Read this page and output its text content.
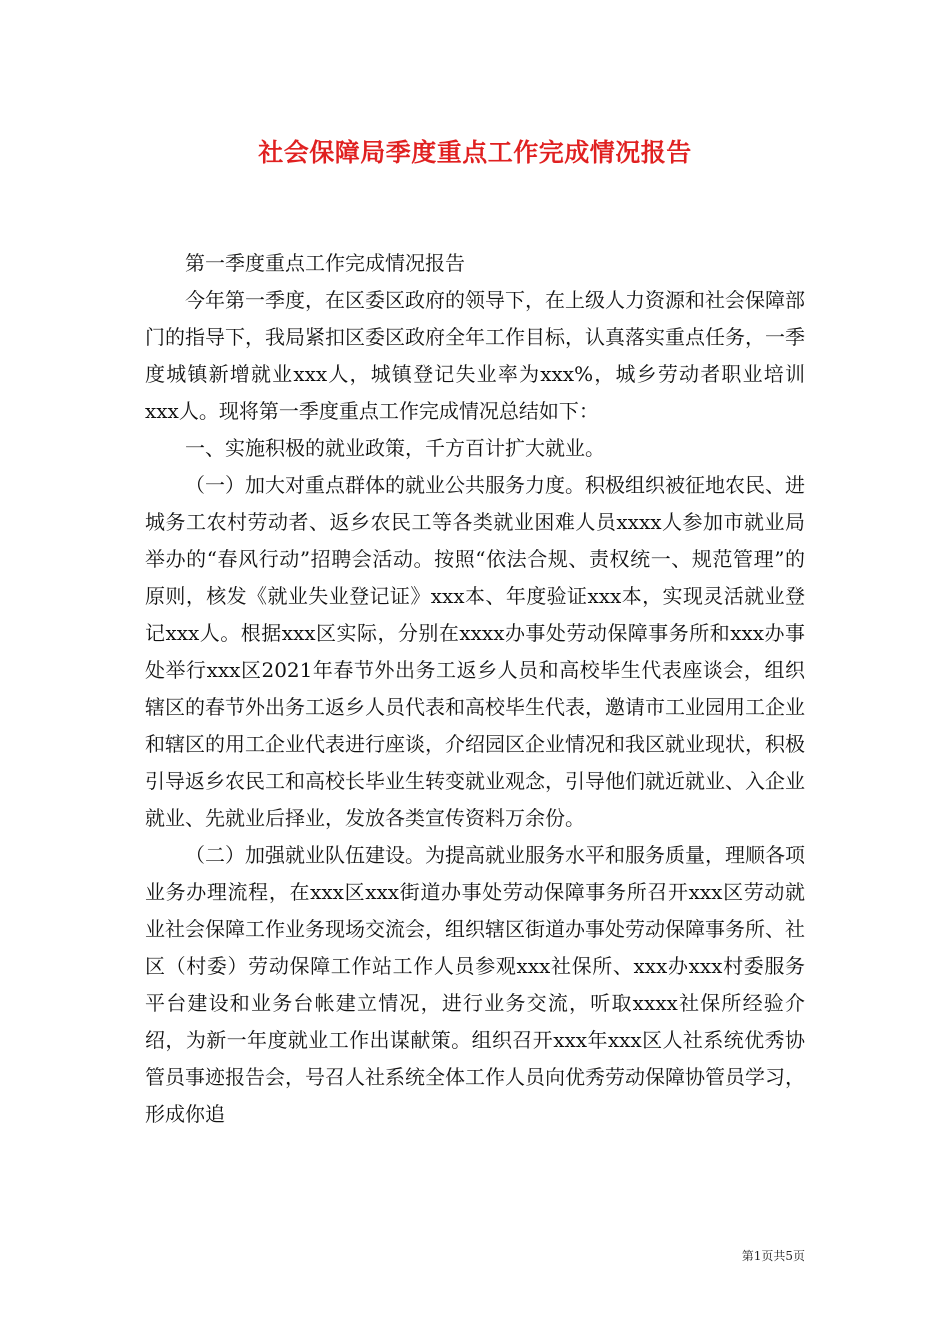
社会保障局季度重点工作完成情况报告

第一季度重点工作完成情况报告

今年第一季度，在区委区政府的领导下，在上级人力资源和社会保障部门的指导下，我局紧扣区委区政府全年工作目标，认真落实重点任务，一季度城镇新增就业xxx人，城镇登记失业率为xxx%，城乡劳动者职业培训xxx人。现将第一季度重点工作完成情况总结如下：

一、实施积极的就业政策，千方百计扩大就业。

（一）加大对重点群体的就业公共服务力度。积极组织被征地农民、进城务工农村劳动者、返乡农民工等各类就业困难人员xxxx人参加市就业局举办的“春风行动”招聘会活动。按照“依法合规、责权统一、规范管理”的原则，核发《就业失业登记证》xxx本、年度验证xxx本，实现灵活就业登记xxx人。根据xxx区实际，分别在xxxx办事处劳动保障事务所和xxx办事处举行xxx区2021年春节外出务工返乡人员和高校毕生代表座谈会，组织辖区的春节外出务工返乡人员代表和高校毕生代表，邀请市工业园用工企业和辖区的用工企业代表进行座谈，介绍园区企业情况和我区就业现状，积极引导返乡农民工和高校长毕业生转变就业观念，引导他们就近就业、入企业就业、先就业后择业，发放各类宣传资料万余份。

（二）加强就业队伍建设。为提高就业服务水平和服务质量，理顺各项业务办理流程，在xxx区xxx街道办事处劳动保障事务所召开xxx区劳动就业社会保障工作业务现场交流会，组织辖区街道办事处劳动保障事务所、社区（村委）劳动保障工作站工作人员参观xxx社保所、xxx办xxx村委服务平台建设和业务台帐建立情况，进行业务交流，听取xxxx社保所经验介绍，为新一年度就业工作出谋献策。组织召开xxx年xxx区人社系统优秀协管员事迹报告会，号召人社系统全体工作人员向优秀劳动保障协管员学习，形成你追

第1页共5页
